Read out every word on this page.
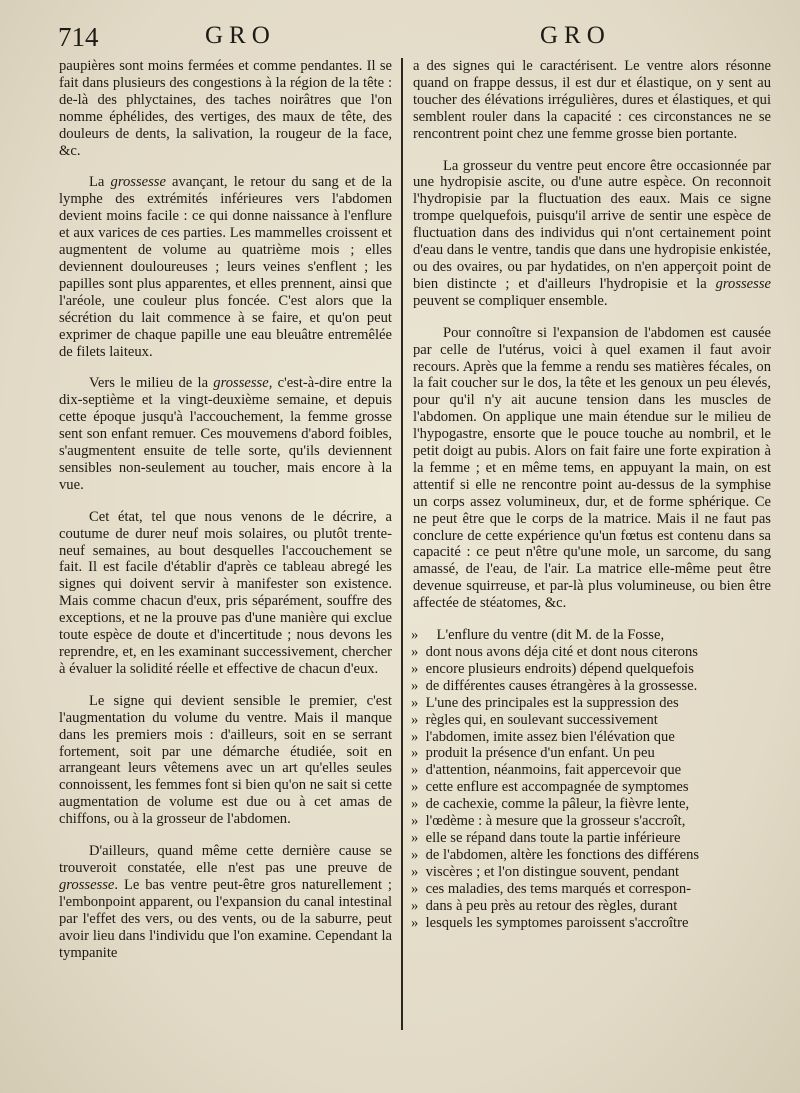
714	GRO	GRO

paupières sont moins fermées et comme pendantes. Il se fait dans plusieurs des congestions à la région de la tête : de-là des phlyctaines, des taches noirâtres que l'on nomme éphélides, des vertiges, des maux de tête, des douleurs de dents, la salivation, la rougeur de la face, &c.

La grossesse avançant, le retour du sang et de la lymphe des extrémités inférieures vers l'abdomen devient moins facile : ce qui donne naissance à l'enflure et aux varices de ces parties. Les mammelles croissent et augmentent de volume au quatrième mois ; elles deviennent douloureuses ; leurs veines s'enflent ; les papilles sont plus apparentes, et elles prennent, ainsi que l'aréole, une couleur plus foncée. C'est alors que la sécrétion du lait commence à se faire, et qu'on peut exprimer de chaque papille une eau bleuâtre entremêlée de filets laiteux.

Vers le milieu de la grossesse, c'est-à-dire entre la dix-septième et la vingt-deuxième semaine, et depuis cette époque jusqu'à l'accouchement, la femme grosse sent son enfant remuer. Ces mouvemens d'abord foibles, s'augmentent ensuite de telle sorte, qu'ils deviennent sensibles non-seulement au toucher, mais encore à la vue.

Cet état, tel que nous venons de le décrire, a coutume de durer neuf mois solaires, ou plutôt trente-neuf semaines, au bout desquelles l'accouchement se fait. Il est facile d'établir d'après ce tableau abregé les signes qui doivent servir à manifester son existence. Mais comme chacun d'eux, pris séparément, souffre des exceptions, et ne la prouve pas d'une manière qui exclue toute espèce de doute et d'incertitude ; nous devons les reprendre, et, en les examinant successivement, chercher à évaluer la solidité réelle et effective de chacun d'eux.

Le signe qui devient sensible le premier, c'est l'augmentation du volume du ventre. Mais il manque dans les premiers mois : d'ailleurs, soit en se serrant fortement, soit par une démarche étudiée, soit en arrangeant leurs vêtemens avec un art qu'elles seules connoissent, les femmes font si bien qu'on ne sait si cette augmentation de volume est due ou à cet amas de chiffons, ou à la grosseur de l'abdomen.

D'ailleurs, quand même cette dernière cause se trouveroit constatée, elle n'est pas une preuve de grossesse. Le bas ventre peut-être gros naturellement ; l'embonpoint apparent, ou l'expansion du canal intestinal par l'effet des vers, ou des vents, ou de la saburre, peut avoir lieu dans l'individu que l'on examine. Cependant la tympanite

a des signes qui le caractérisent. Le ventre alors résonne quand on frappe dessus, il est dur et élastique, on y sent au toucher des élévations irrégulières, dures et élastiques, et qui semblent rouler dans la capacité : ces circonstances ne se rencontrent point chez une femme grosse bien portante.

La grosseur du ventre peut encore être occasionnée par une hydropisie ascite, ou d'une autre espèce. On reconnoit l'hydropisie par la fluctuation des eaux. Mais ce signe trompe quelquefois, puisqu'il arrive de sentir une espèce de fluctuation dans des individus qui n'ont certainement point d'eau dans le ventre, tandis que dans une hydropisie enkistée, ou des ovaires, ou par hydatides, on n'en apperçoit point de bien distincte ; et d'ailleurs l'hydropisie et la grossesse peuvent se compliquer ensemble.

Pour connoître si l'expansion de l'abdomen est causée par celle de l'utérus, voici à quel examen il faut avoir recours. Après que la femme a rendu ses matières fécales, on la fait coucher sur le dos, la tête et les genoux un peu élevés, pour qu'il n'y ait aucune tension dans les muscles de l'abdomen. On applique une main étendue sur le milieu de l'hypogastre, ensorte que le pouce touche au nombril, et le petit doigt au pubis. Alors on fait faire une forte expiration à la femme ; et en même tems, en appuyant la main, on est attentif si elle ne rencontre point au-dessus de la symphise un corps assez volumineux, dur, et de forme sphérique. Ce ne peut être que le corps de la matrice. Mais il ne faut pas conclure de cette expérience qu'un fœtus est contenu dans sa capacité : ce peut n'être qu'une mole, un sarcome, du sang amassé, de l'eau, de l'air. La matrice elle-même peut être devenue squirreuse, et par-là plus volumineuse, ou bien être affectée de stéatomes, &c.

»     L'enflure du ventre (dit M. de la Fosse,
»  dont nous avons déja cité et dont nous citerons
»  encore plusieurs endroits) dépend quelquefois
»  de différentes causes étrangères à la grossesse.
»  L'une des principales est la suppression des
»  règles qui, en soulevant successivement
»  l'abdomen, imite assez bien l'élévation que
»  produit la présence d'un enfant. Un peu
»  d'attention, néanmoins, fait appercevoir que
»  cette enflure est accompagnée de symptomes
»  de cachexie, comme la pâleur, la fièvre lente,
»  l'œdème : à mesure que la grosseur s'accroît,
»  elle se répand dans toute la partie inférieure
»  de l'abdomen, altère les fonctions des différens
»  viscères ; et l'on distingue souvent, pendant
»  ces maladies, des tems marqués et correspon-
»  dans à peu près au retour des règles, durant
»  lesquels les symptomes paroissent s'accroître
